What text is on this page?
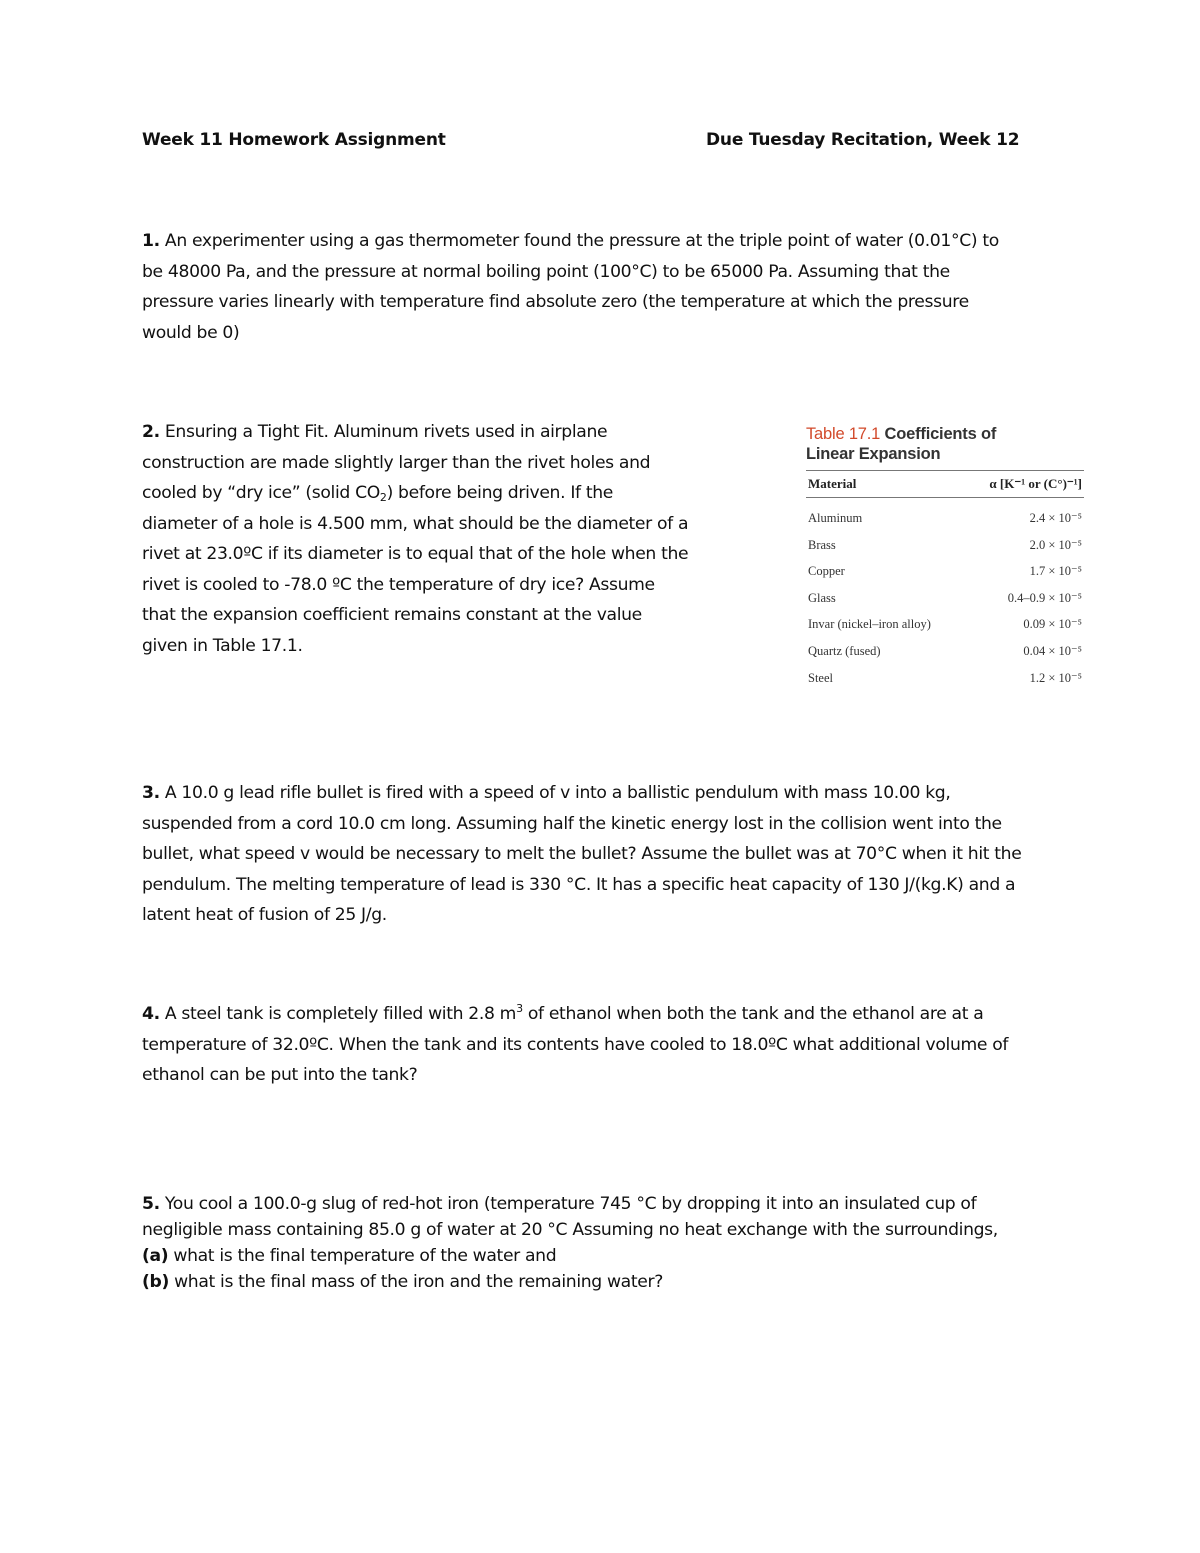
Week 11 Homework Assignment	Due Tuesday Recitation, Week 12
1. An experimenter using a gas thermometer found the pressure at the triple point of water (0.01°C) to
be 48000 Pa, and the pressure at normal boiling point (100°C) to be 65000 Pa. Assuming that the
pressure varies linearly with temperature find absolute zero (the temperature at which the pressure
would be 0)
2. Ensuring a Tight Fit. Aluminum rivets used in airplane
construction are made slightly larger than the rivet holes and
cooled by “dry ice” (solid $CO_2$) before being driven. If the
diameter of a hole is 4.500 mm, what should be the diameter of a
rivet at 23.0ºC if its diameter is to equal that of the hole when the
rivet is cooled to -78.0 ºC the temperature of dry ice? Assume
that the expansion coefficient remains constant at the value
given in Table 17.1.
Table 17.1 Coefficients of
Linear Expansion
Material	α [K⁻¹ or (C°)⁻¹]
Aluminum	2.4 × 10⁻⁵
Brass	2.0 × 10⁻⁵
Copper	1.7 × 10⁻⁵
Glass	0.4–0.9 × 10⁻⁵
Invar (nickel–iron alloy)	0.09 × 10⁻⁵
Quartz (fused)	0.04 × 10⁻⁵
Steel	1.2 × 10⁻⁵
3. A 10.0 g lead rifle bullet is fired with a speed of v into a ballistic pendulum with mass 10.00 kg,
suspended from a cord 10.0 cm long. Assuming half the kinetic energy lost in the collision went into the
bullet, what speed v would be necessary to melt the bullet? Assume the bullet was at 70°C when it hit the
pendulum. The melting temperature of lead is 330 °C. It has a specific heat capacity of 130 J/(kg.K) and a
latent heat of fusion of 25 J/g.
4. A steel tank is completely filled with 2.8 $m^3$ of ethanol when both the tank and the ethanol are at a
temperature of 32.0ºC. When the tank and its contents have cooled to 18.0ºC what additional volume of
ethanol can be put into the tank?
5. You cool a 100.0-g slug of red-hot iron (temperature 745 °C by dropping it into an insulated cup of
negligible mass containing 85.0 g of water at 20 °C Assuming no heat exchange with the surroundings,
(a) what is the final temperature of the water and
(b) what is the final mass of the iron and the remaining water?
